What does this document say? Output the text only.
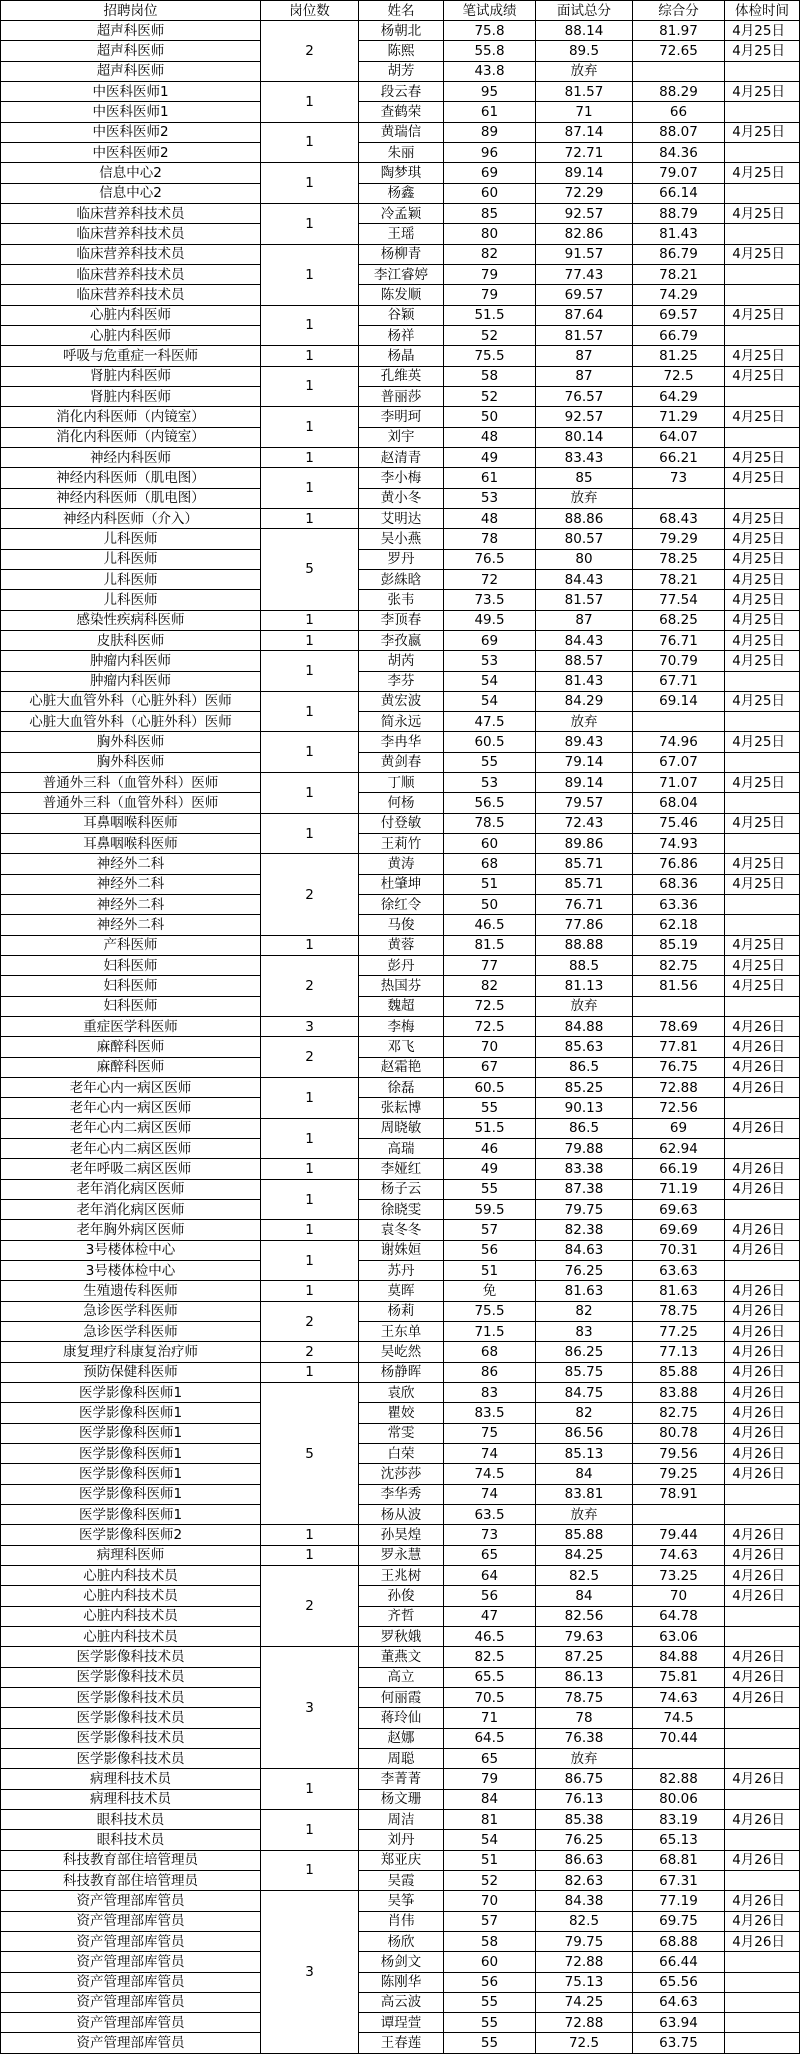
招聘岗位	岗位数	姓名	笔试成绩	面试总分	综合分	体检时间
超声科医师	2	杨朝北	75.8	88.14	81.97	4月25日
超声科医师		陈熙	55.8	89.5	72.65	4月25日
超声科医师		胡芳	43.8	放弃		
中医科医师1	1	段云春	95	81.57	88.29	4月25日
中医科医师1		查鹤荣	61	71	66	
中医科医师2	1	黄瑞信	89	87.14	88.07	4月25日
中医科医师2		朱丽	96	72.71	84.36	
信息中心2	1	陶梦琪	69	89.14	79.07	4月25日
信息中心2		杨鑫	60	72.29	66.14	
临床营养科技术员	1	冷孟颖	85	92.57	88.79	4月25日
临床营养科技术员		王瑶	80	82.86	81.43	
临床营养科技术员	1	杨柳青	82	91.57	86.79	4月25日
临床营养科技术员		李江睿婷	79	77.43	78.21	
临床营养科技术员		陈发顺	79	69.57	74.29	
心脏内科医师	1	谷颖	51.5	87.64	69.57	4月25日
心脏内科医师		杨祥	52	81.57	66.79	
呼吸与危重症一科医师	1	杨晶	75.5	87	81.25	4月25日
肾脏内科医师	1	孔维英	58	87	72.5	4月25日
肾脏内科医师		普丽莎	52	76.57	64.29	
消化内科医师（内镜室）	1	李明珂	50	92.57	71.29	4月25日
消化内科医师（内镜室）		刘宇	48	80.14	64.07	
神经内科医师	1	赵清青	49	83.43	66.21	4月25日
神经内科医师（肌电图）	1	李小梅	61	85	73	4月25日
神经内科医师（肌电图）		黄小冬	53	放弃		
神经内科医师（介入）	1	艾明达	48	88.86	68.43	4月25日
儿科医师	5	吴小燕	78	80.57	79.29	4月25日
儿科医师		罗丹	76.5	80	78.25	4月25日
儿科医师		彭絑晗	72	84.43	78.21	4月25日
儿科医师		张韦	73.5	81.57	77.54	4月25日
感染性疾病科医师	1	李顶春	49.5	87	68.25	4月25日
皮肤科医师	1	李孜嬴	69	84.43	76.71	4月25日
肿瘤内科医师	1	胡芮	53	88.57	70.79	4月25日
肿瘤内科医师		李芬	54	81.43	67.71	
心脏大血管外科（心脏外科）医师	1	黄宏波	54	84.29	69.14	4月25日
心脏大血管外科（心脏外科）医师		简永远	47.5	放弃		
胸外科医师	1	李冉华	60.5	89.43	74.96	4月25日
胸外科医师		黄剑春	55	79.14	67.07	
普通外三科（血管外科）医师	1	丁顺	53	89.14	71.07	4月25日
普通外三科（血管外科）医师		何杨	56.5	79.57	68.04	
耳鼻咽喉科医师	1	付登敏	78.5	72.43	75.46	4月25日
耳鼻咽喉科医师		王莉竹	60	89.86	74.93	
神经外二科	2	黄涛	68	85.71	76.86	4月25日
神经外二科		杜肇坤	51	85.71	68.36	4月25日
神经外二科		徐红令	50	76.71	63.36	
神经外二科		马俊	46.5	77.86	62.18	
产科医师	1	黄蓉	81.5	88.88	85.19	4月25日
妇科医师	2	彭丹	77	88.5	82.75	4月25日
妇科医师		热国芬	82	81.13	81.56	4月25日
妇科医师		魏超	72.5	放弃		
重症医学科医师	3	李梅	72.5	84.88	78.69	4月26日
麻醉科医师	2	邓飞	70	85.63	77.81	4月26日
麻醉科医师		赵霜艳	67	86.5	76.75	4月26日
老年心内一病区医师	1	徐磊	60.5	85.25	72.88	4月26日
老年心内一病区医师		张耘博	55	90.13	72.56	
老年心内二病区医师	1	周晓敏	51.5	86.5	69	4月26日
老年心内二病区医师		高瑞	46	79.88	62.94	
老年呼吸二病区医师	1	李娅红	49	83.38	66.19	4月26日
老年消化病区医师	1	杨子云	55	87.38	71.19	4月26日
老年消化病区医师		徐晓雯	59.5	79.75	69.63	
老年胸外病区医师	1	袁冬冬	57	82.38	69.69	4月26日
3号楼体检中心	1	谢姝姮	56	84.63	70.31	4月26日
3号楼体检中心		苏丹	51	76.25	63.63	
生殖遗传科医师	1	莫晖	免	81.63	81.63	4月26日
急诊医学科医师	2	杨莉	75.5	82	78.75	4月26日
急诊医学科医师		王东单	71.5	83	77.25	4月26日
康复理疗科康复治疗师	2	吴屹然	68	86.25	77.13	4月26日
预防保健科医师	1	杨静晖	86	85.75	85.88	4月26日
医学影像科医师1	5	袁欣	83	84.75	83.88	4月26日
医学影像科医师1		瞿姣	83.5	82	82.75	4月26日
医学影像科医师1		常雯	75	86.56	80.78	4月26日
医学影像科医师1		白荣	74	85.13	79.56	4月26日
医学影像科医师1		沈莎莎	74.5	84	79.25	4月26日
医学影像科医师1		李华秀	74	83.81	78.91	
医学影像科医师1		杨从波	63.5	放弃		
医学影像科医师2	1	孙昊煌	73	85.88	79.44	4月26日
病理科医师	1	罗永慧	65	84.25	74.63	4月26日
心脏内科技术员	2	王兆树	64	82.5	73.25	4月26日
心脏内科技术员		孙俊	56	84	70	4月26日
心脏内科技术员		齐哲	47	82.56	64.78	
心脏内科技术员		罗秋娥	46.5	79.63	63.06	
医学影像科技术员	3	董燕文	82.5	87.25	84.88	4月26日
医学影像科技术员		高立	65.5	86.13	75.81	4月26日
医学影像科技术员		何丽霞	70.5	78.75	74.63	4月26日
医学影像科技术员		蒋玲仙	71	78	74.5	
医学影像科技术员		赵娜	64.5	76.38	70.44	
医学影像科技术员		周聪	65	放弃		
病理科技术员	1	李菁菁	79	86.75	82.88	4月26日
病理科技术员		杨文珊	84	76.13	80.06	
眼科技术员	1	周洁	81	85.38	83.19	4月26日
眼科技术员		刘丹	54	76.25	65.13	
科技教育部住培管理员	1	郑亚庆	51	86.63	68.81	4月26日
科技教育部住培管理员		吴霞	52	82.63	67.31	
资产管理部库管员	3	吴筝	70	84.38	77.19	4月26日
资产管理部库管员		肖伟	57	82.5	69.75	4月26日
资产管理部库管员		杨欣	58	79.75	68.88	4月26日
资产管理部库管员		杨剑文	60	72.88	66.44	
资产管理部库管员		陈刚华	56	75.13	65.56	
资产管理部库管员		高云波	55	74.25	64.63	
资产管理部库管员		谭珵萱	55	72.88	63.94	
资产管理部库管员		王春莲	55	72.5	63.75	
